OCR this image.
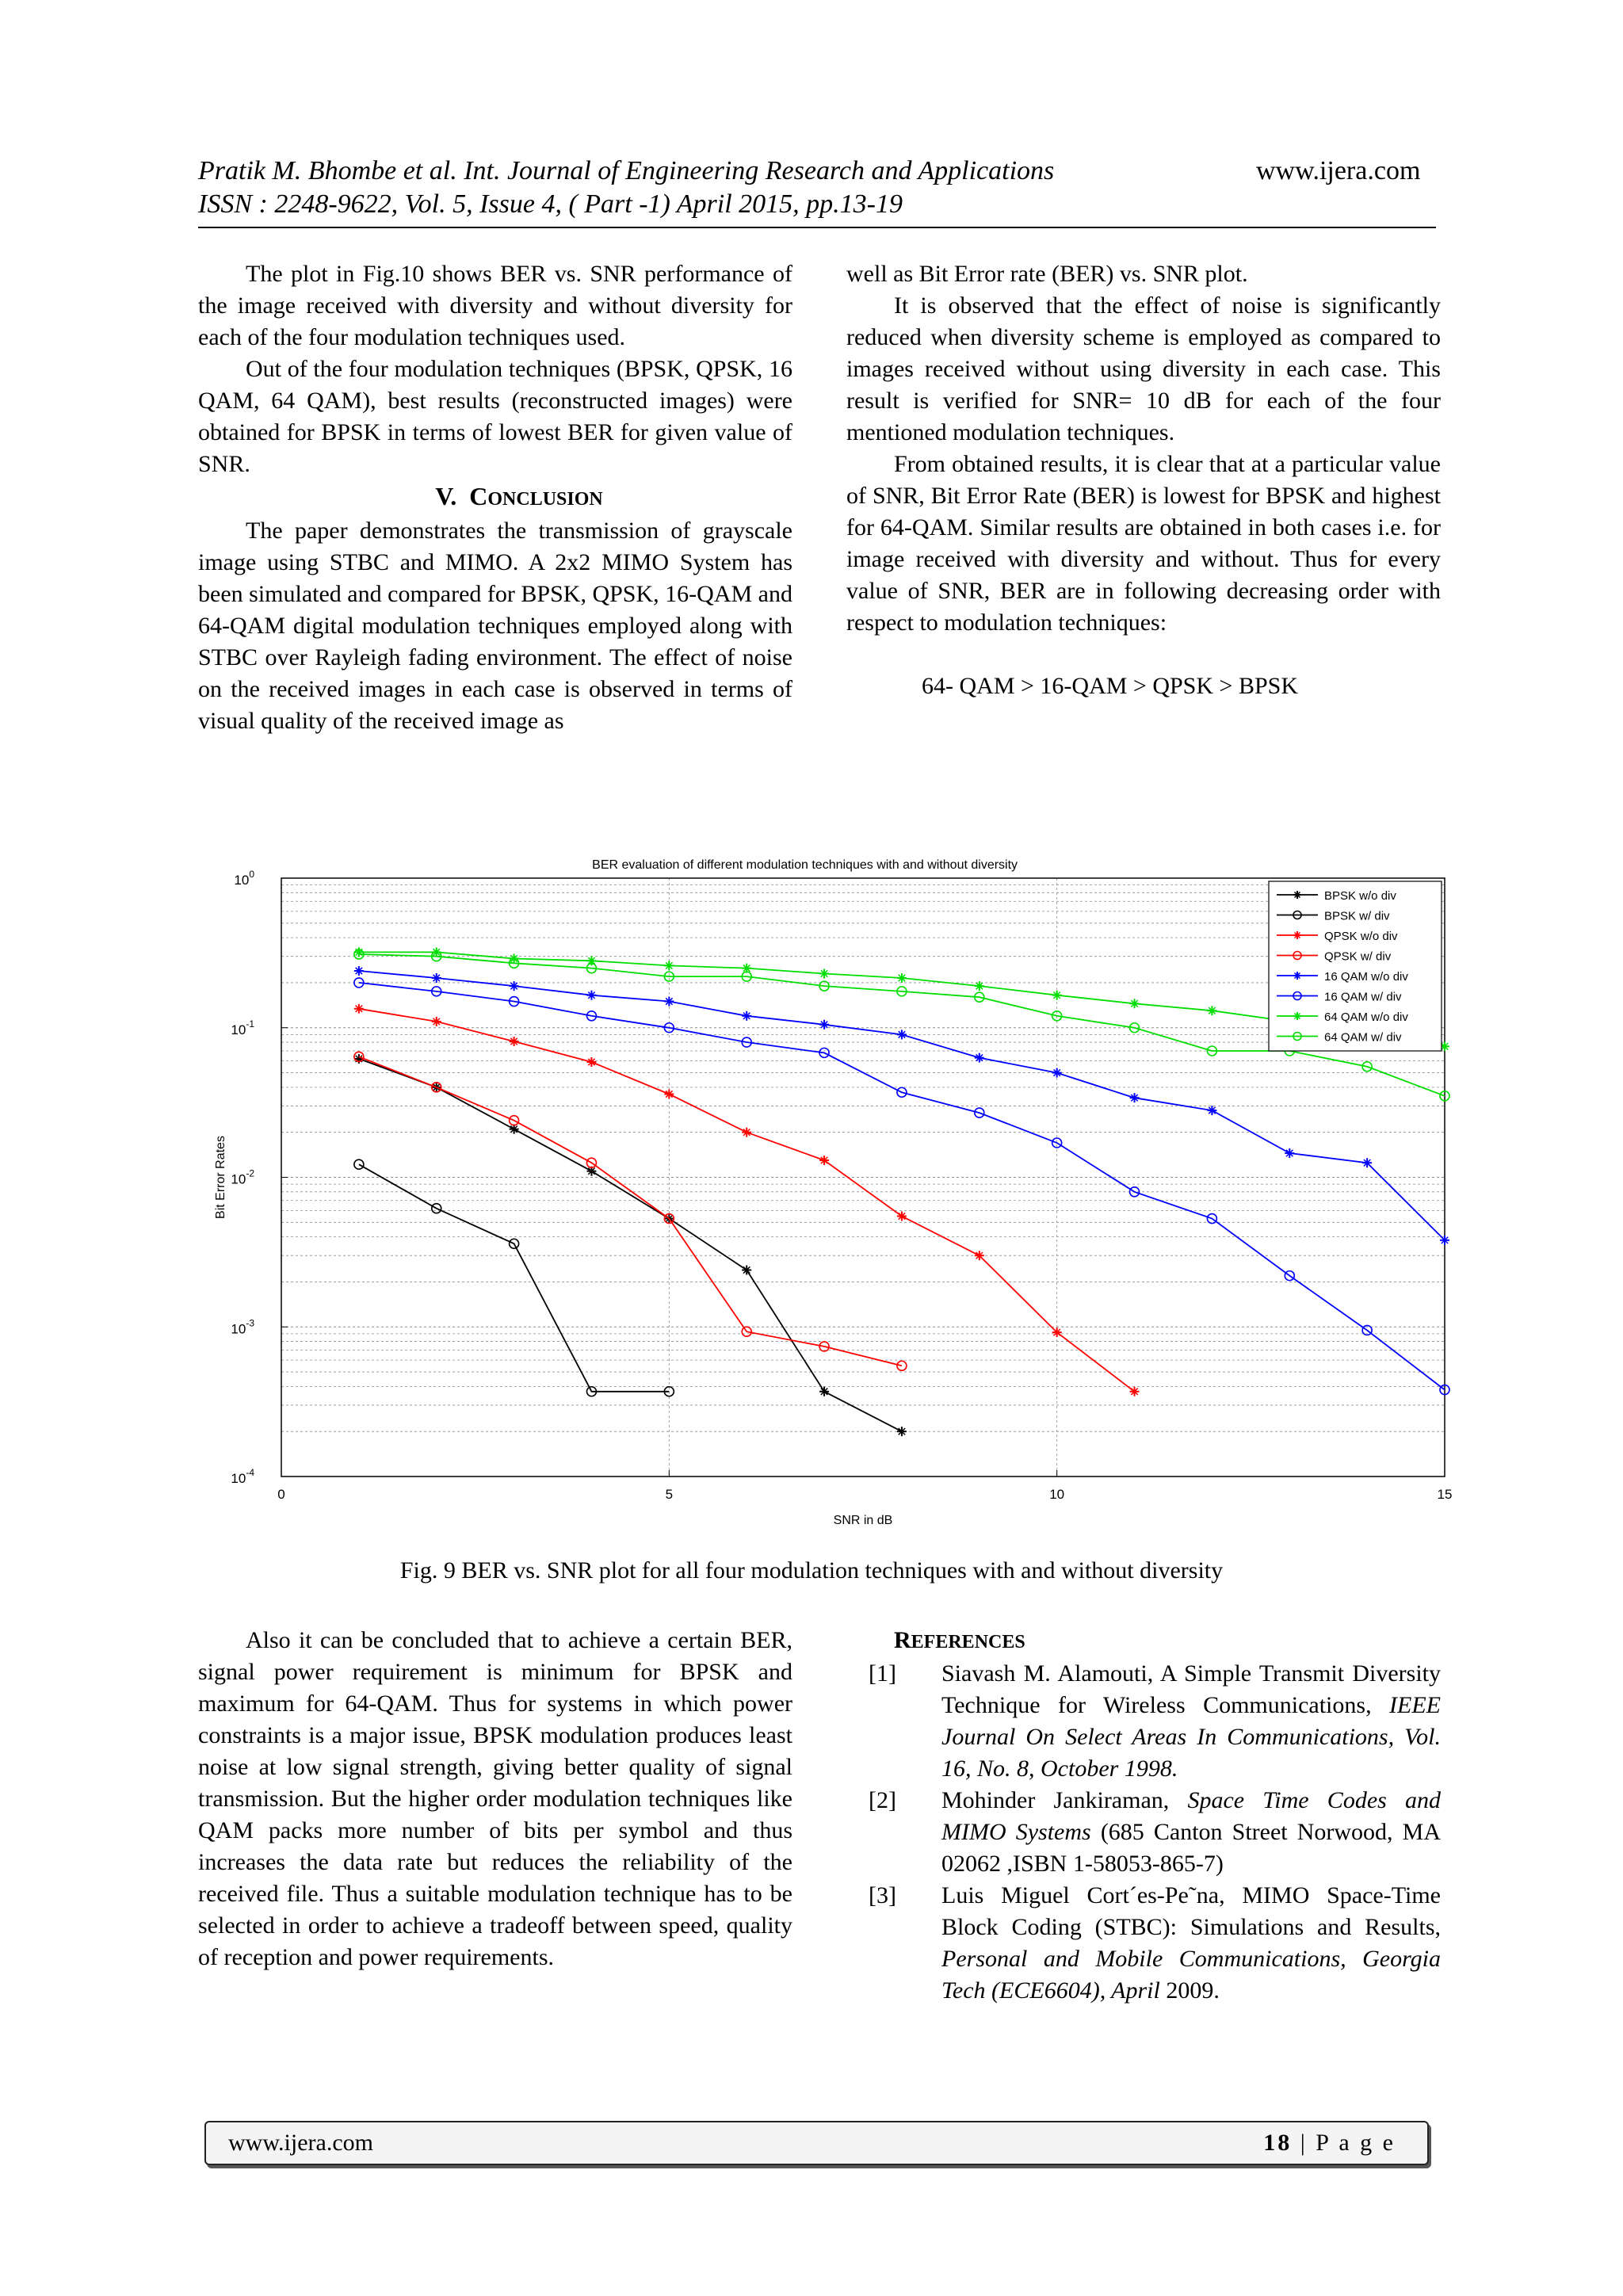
Pratik M. Bhombe et al. Int. Journal of Engineering Research and Applications	www.ijera.com
ISSN : 2248-9622, Vol. 5, Issue 4, ( Part -1) April 2015, pp.13-19

The plot in Fig.10 shows BER vs. SNR performance of the image received with diversity and without diversity for each of the four modulation techniques used.

Out of the four modulation techniques (BPSK, QPSK, 16 QAM, 64 QAM), best results (reconstructed images) were obtained for BPSK in terms of lowest BER for given value of SNR.

V. CONCLUSION

The paper demonstrates the transmission of grayscale image using STBC and MIMO. A 2x2 MIMO System has been simulated and compared for BPSK, QPSK, 16-QAM and 64-QAM digital modulation techniques employed along with STBC over Rayleigh fading environment. The effect of noise on the received images in each case is observed in terms of visual quality of the received image as

well as Bit Error rate (BER) vs. SNR plot.

It is observed that the effect of noise is significantly reduced when diversity scheme is employed as compared to images received without using diversity in each case. This result is verified for SNR= 10 dB for each of the four mentioned modulation techniques.

From obtained results, it is clear that at a particular value of SNR, Bit Error Rate (BER) is lowest for BPSK and highest for 64-QAM. Similar results are obtained in both cases i.e. for image received with diversity and without. Thus for every value of SNR, BER are in following decreasing order with respect to modulation techniques:

64- QAM > 16-QAM > QPSK > BPSK

0	5	10	15
$10^0$
$10^{-1}$
$10^{-2}$
$10^{-3}$
$10^{-4}$
BER evaluation of different modulation techniques with and without diversity
SNR in dB
Bit Error Rates
BPSK w/o div
BPSK w/ div
QPSK w/o div
QPSK w/ div
16 QAM w/o div
16 QAM w/ div
64 QAM w/o div
64 QAM w/ div
Fig. 9 BER vs. SNR plot for all four modulation techniques with and without diversity

Also it can be concluded that to achieve a certain BER, signal power requirement is minimum for BPSK and maximum for 64-QAM. Thus for systems in which power constraints is a major issue, BPSK modulation produces least noise at low signal strength, giving better quality of signal transmission. But the higher order modulation techniques like QAM packs more number of bits per symbol and thus increases the data rate but reduces the reliability of the received file. Thus a suitable modulation technique has to be selected in order to achieve a tradeoff between speed, quality of reception and power requirements.

REFERENCES

[1]	Siavash M. Alamouti, A Simple Transmit Diversity Technique for Wireless Communications, IEEE Journal On Select Areas In Communications, Vol. 16, No. 8, October 1998.
[2]	Mohinder Jankiraman, Space Time Codes and MIMO Systems (685 Canton Street Norwood, MA 02062 ,ISBN 1-58053-865-7)
[3]	Luis Miguel Cort´es-Pe˜na, MIMO Space-Time Block Coding (STBC): Simulations and Results, Personal and Mobile Communications, Georgia Tech (ECE6604), April 2009.
www.ijera.com	18 | P a g e
